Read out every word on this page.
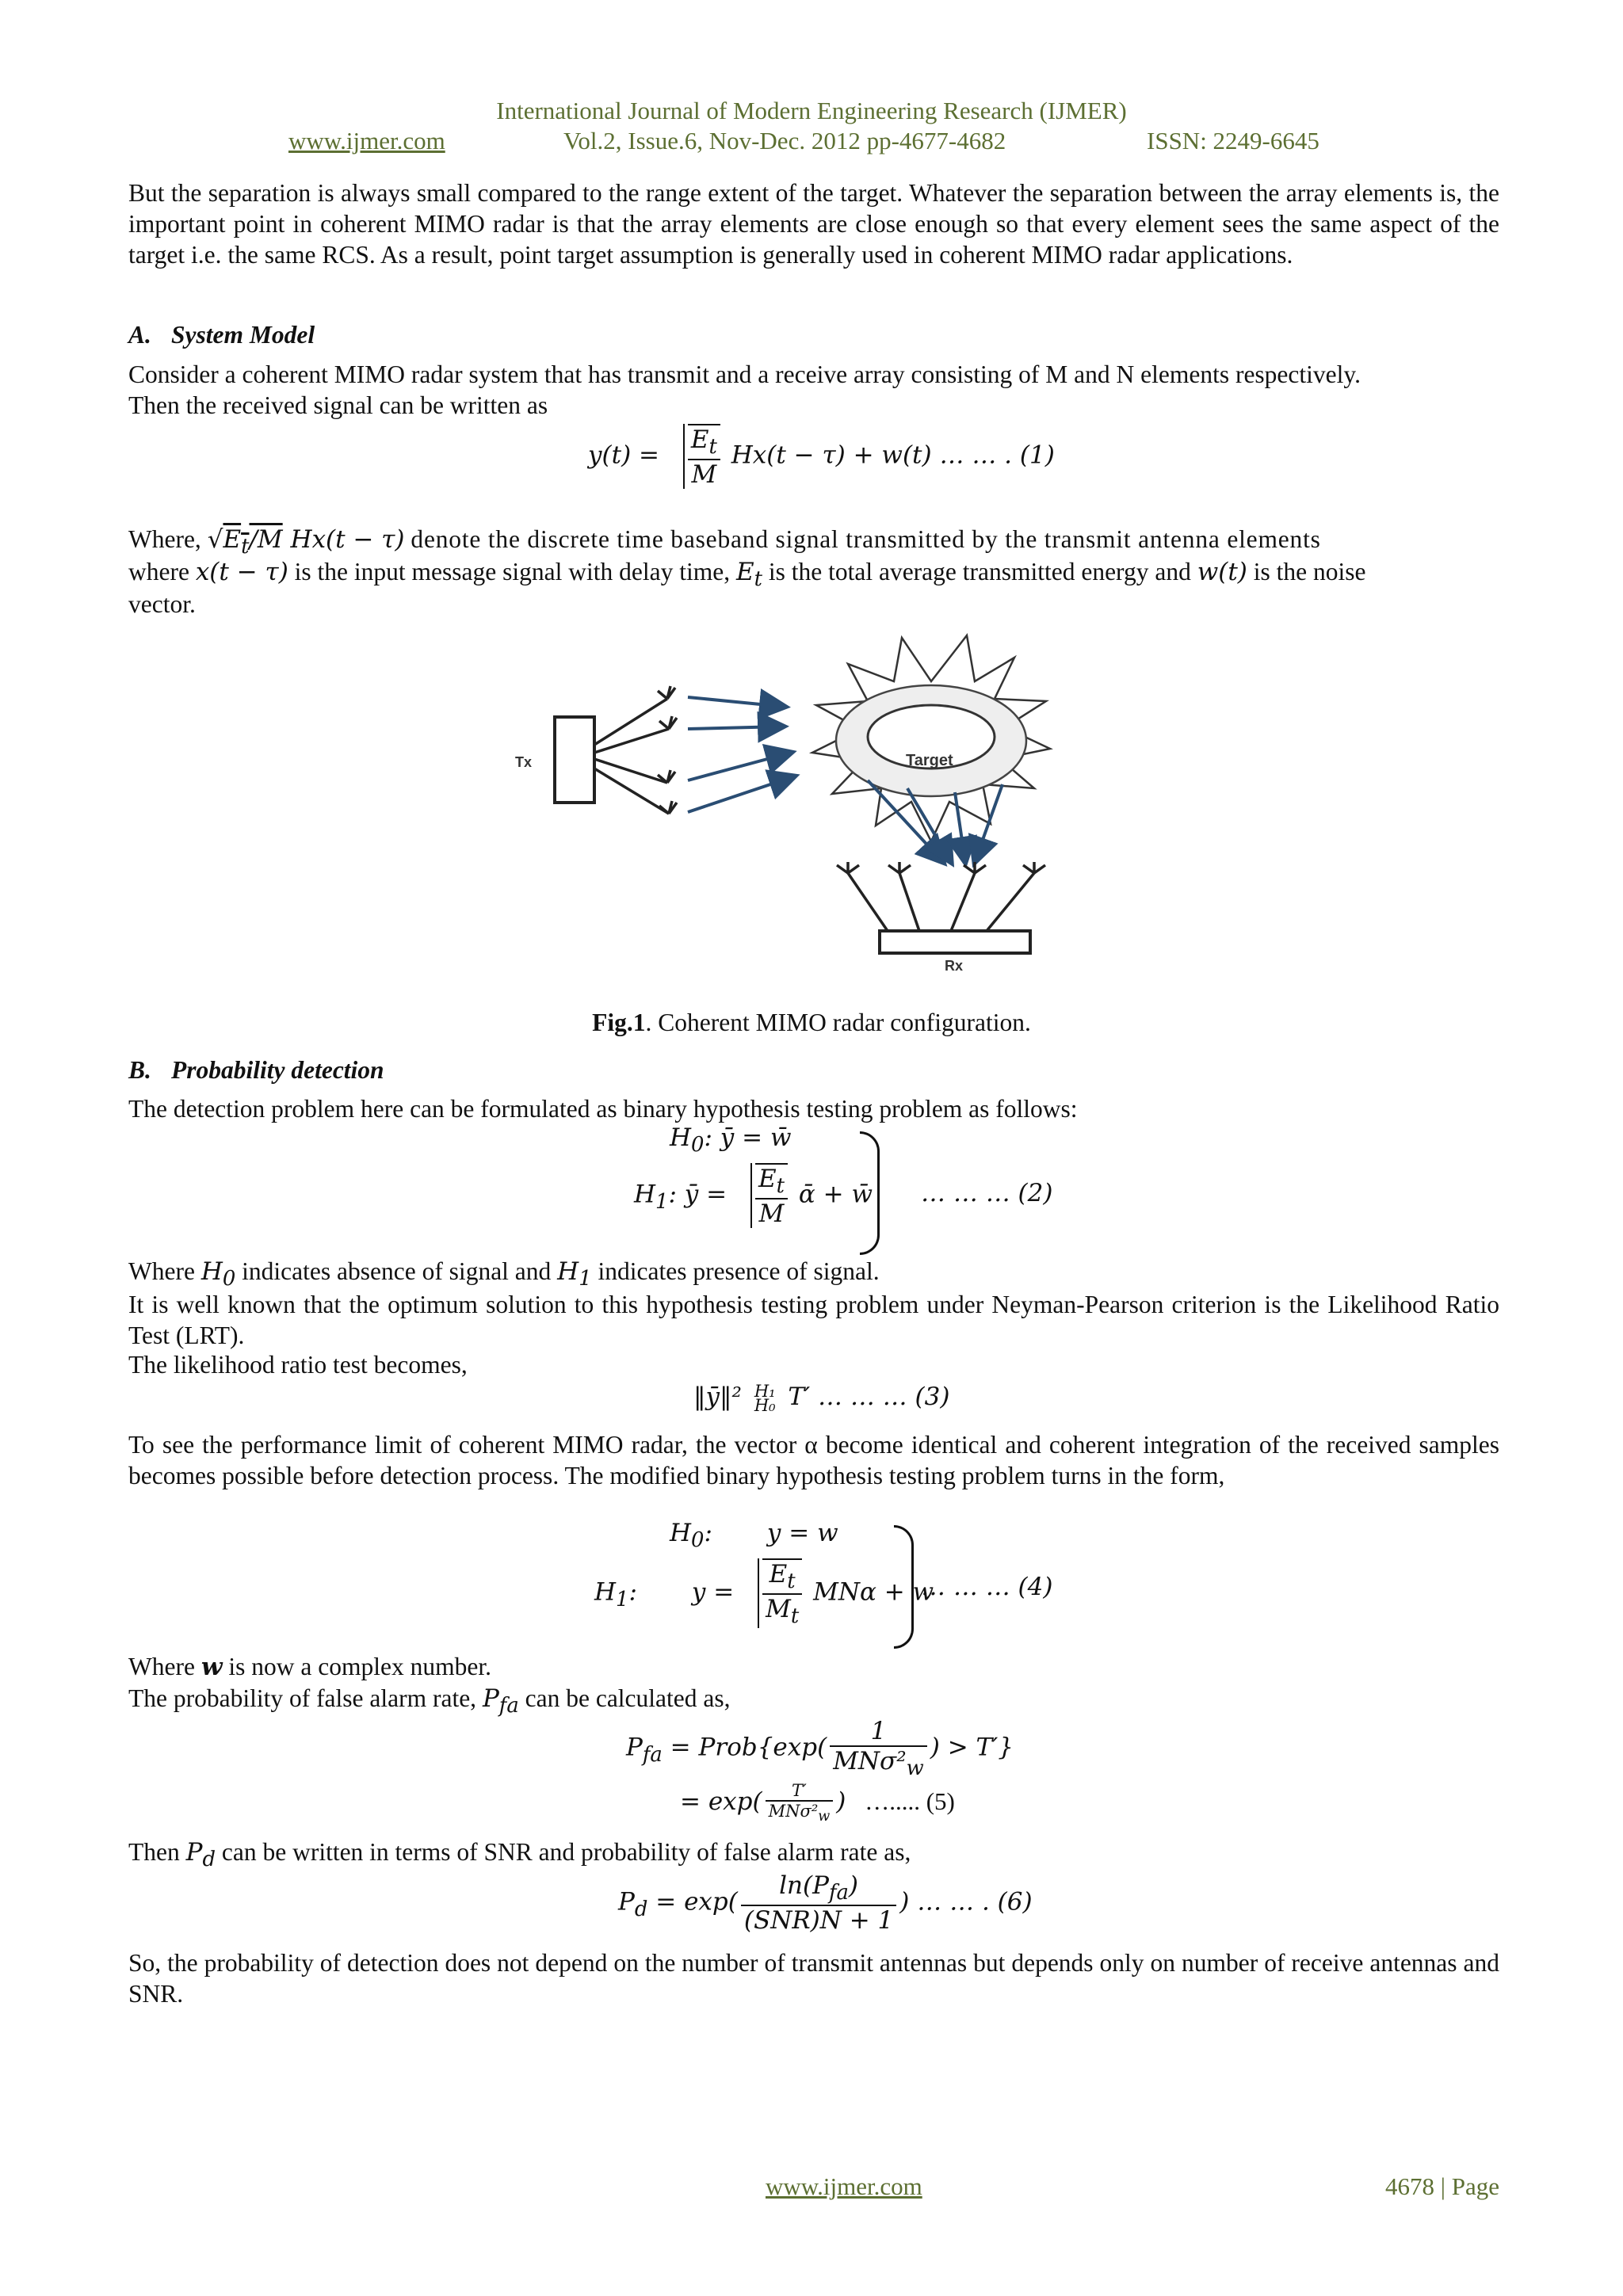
International Journal of Modern Engineering Research (IJMER)
www.ijmer.com	Vol.2, Issue.6, Nov-Dec. 2012 pp-4677-4682	ISSN: 2249-6645
But the separation is always small compared to the range extent of the target. Whatever the separation between the array elements is, the important point in coherent MIMO radar is that the array elements are close enough so that every element sees the same aspect of the target i.e. the same RCS. As a result, point target assumption is generally used in coherent MIMO radar applications.
A. System Model
Consider a coherent MIMO radar system that has transmit and a receive array consisting of M and N elements respectively.
Then the received signal can be written as
$y(t) = \frac{E_t}{M} Hx(t - \tau) + w(t)$ … … . (1)
Where, $√E_t/M$ Hx(t − τ) denote the discrete time baseband signal transmitted by the transmit antenna elements
where x(t − τ) is the input message signal with delay time, $E_t$ is the total average transmitted energy and w(t) is the noise
vector.
Tx	Target
Rx
Fig.1. Coherent MIMO radar configuration.
B. Probability detection
The detection problem here can be formulated as binary hypothesis testing problem as follows:
$H_0$: ȳ = w̄
$H_1$: ȳ = $\frac{E_t}{M}$ ᾱ + w̄ … … … (2)
Where $H_0$ indicates absence of signal and $H_1$ indicates presence of signal.
It is well known that the optimum solution to this hypothesis testing problem under Neyman-Pearson criterion is the Likelihood Ratio Test (LRT).
The likelihood ratio test becomes,
‖ȳ‖² H₁
H₀ T′ … … … (3)
To see the performance limit of coherent MIMO radar, the vector α become identical and coherent integration of the received samples becomes possible before detection process. The modified binary hypothesis testing problem turns in the form,
$H_0$:       y = w
$H_1$:       $y = \frac{E_t}{M_t}$ MNα + w
… … … (4)
Where w is now a complex number.
The probability of false alarm rate, $P_{fa}$ can be calculated as,
$P_{fa}$ = Prob{exp( $\frac{1}{MN\sigma^2_w}$ ) > T′}
= $\exp( \frac{T'}{MN\sigma^2_w}$ ) …..... (5)
Then $P_d$ can be written in terms of SNR and probability of false alarm rate as,
$P_d = \exp( \frac{\ln(P_{fa})}{\text{(SNR)N + 1}}$ ) … … . (6)
So, the probability of detection does not depend on the number of transmit antennas but depends only on number of receive antennas and SNR.
www.ijmer.com	4678 | Page
